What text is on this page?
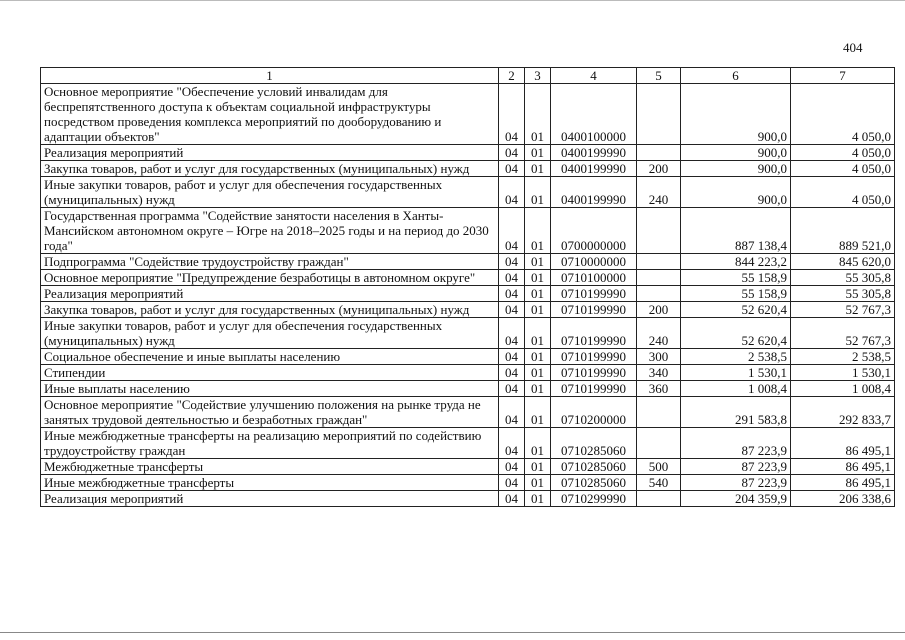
404
1	2	3	4	5	6	7
Основное мероприятие "Обеспечение условий инвалидам для беспрепятственного доступа к объектам социальной инфраструктуры посредством проведения комплекса мероприятий по дооборудованию и адаптации объектов"	04	01	0400100000		900,0	4 050,0
Реализация мероприятий	04	01	0400199990		900,0	4 050,0
Закупка товаров, работ и услуг для государственных (муниципальных) нужд	04	01	0400199990	200	900,0	4 050,0
Иные закупки товаров, работ и услуг для обеспечения государственных (муниципальных) нужд	04	01	0400199990	240	900,0	4 050,0
Государственная программа "Содействие занятости населения в Ханты-Мансийском автономном округе – Югре на 2018–2025 годы и на период до 2030 года"	04	01	0700000000		887 138,4	889 521,0
Подпрограмма "Содействие трудоустройству граждан"	04	01	0710000000		844 223,2	845 620,0
Основное мероприятие "Предупреждение безработицы в автономном округе"	04	01	0710100000		55 158,9	55 305,8
Реализация мероприятий	04	01	0710199990		55 158,9	55 305,8
Закупка товаров, работ и услуг для государственных (муниципальных) нужд	04	01	0710199990	200	52 620,4	52 767,3
Иные закупки товаров, работ и услуг для обеспечения государственных (муниципальных) нужд	04	01	0710199990	240	52 620,4	52 767,3
Социальное обеспечение и иные выплаты населению	04	01	0710199990	300	2 538,5	2 538,5
Стипендии	04	01	0710199990	340	1 530,1	1 530,1
Иные выплаты населению	04	01	0710199990	360	1 008,4	1 008,4
Основное мероприятие "Содействие улучшению положения на рынке труда не занятых трудовой деятельностью и безработных граждан"	04	01	0710200000		291 583,8	292 833,7
Иные межбюджетные трансферты на реализацию мероприятий по содействию трудоустройству граждан	04	01	0710285060		87 223,9	86 495,1
Межбюджетные трансферты	04	01	0710285060	500	87 223,9	86 495,1
Иные межбюджетные трансферты	04	01	0710285060	540	87 223,9	86 495,1
Реализация мероприятий	04	01	0710299990		204 359,9	206 338,6
